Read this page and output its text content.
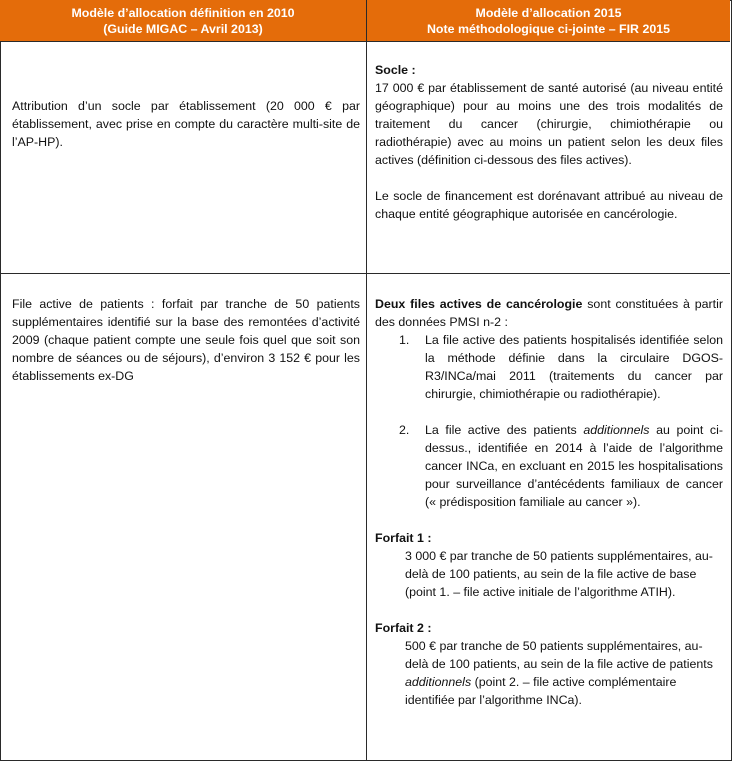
Modèle d’allocation définition en 2010
(Guide MIGAC – Avril 2013)
Modèle d’allocation 2015
Note méthodologique ci-jointe – FIR 2015

Attribution d’un socle par établissement (20 000 € par établissement, avec prise en compte du caractère multi-site de l’AP-HP).

Socle :

17 000 € par établissement de santé autorisé (au niveau entité géographique) pour au moins une des trois modalités de traitement du cancer (chirurgie, chimiothérapie ou radiothérapie) avec au moins un patient selon les deux files actives (définition ci-dessous des files actives).

Le socle de financement est dorénavant attribué au niveau de chaque entité géographique autorisée en cancérologie.

File active de patients : forfait par tranche de 50 patients supplémentaires identifié sur la base des remontées d’activité 2009 (chaque patient compte une seule fois quel que soit son nombre de séances ou de séjours), d’environ 3 152 € pour les établissements ex-DG

Deux files actives de cancérologie sont constituées à partir des données PMSI n-2 :

1.	La file active des patients hospitalisés identifiée selon la méthode définie dans la circulaire DGOS-R3/INCa/mai 2011 (traitements du cancer par chirurgie, chimiothérapie ou radiothérapie).
2.	La file active des patients additionnels au point ci-dessus., identifiée en 2014 à l’aide de l’algorithme cancer INCa, en excluant en 2015 les hospitalisations pour surveillance d’antécédents familiaux de cancer (« prédisposition familiale au cancer »).

Forfait 1 :

3 000 € par tranche de 50 patients supplémentaires, au-delà de 100 patients, au sein de la file active de base (point 1. – file active initiale de l’algorithme ATIH).

Forfait 2 :

500 € par tranche de 50 patients supplémentaires, au-delà de 100 patients, au sein de la file active de patients additionnels (point 2. – file active complémentaire identifiée par l’algorithme INCa).
